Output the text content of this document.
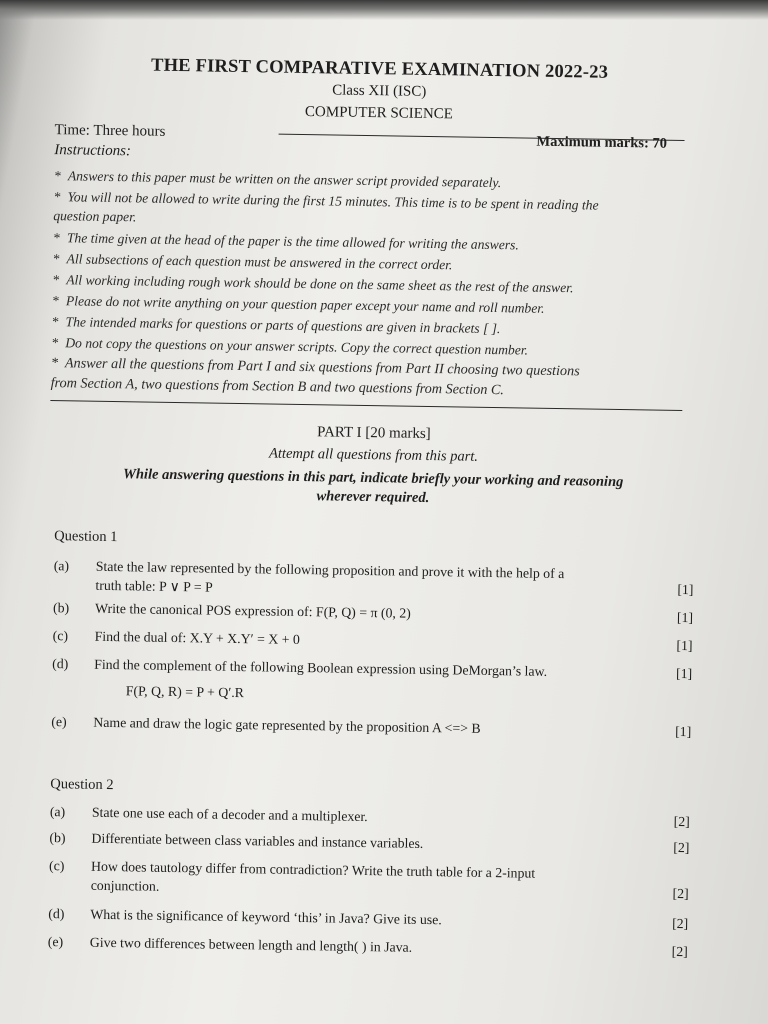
THE FIRST COMPARATIVE EXAMINATION 2022-23
Class XII (ISC)
COMPUTER SCIENCE
Time: Three hours
Maximum marks: 70
Instructions:
* Answers to this paper must be written on the answer script provided separately.
* You will not be allowed to write during the first 15 minutes. This time is to be spent in reading the
question paper.
* The time given at the head of the paper is the time allowed for writing the answers.
* All subsections of each question must be answered in the correct order.
* All working including rough work should be done on the same sheet as the rest of the answer.
* Please do not write anything on your question paper except your name and roll number.
* The intended marks for questions or parts of questions are given in brackets [ ].
* Do not copy the questions on your answer scripts. Copy the correct question number.
* Answer all the questions from Part I and six questions from Part II choosing two questions
from Section A, two questions from Section B and two questions from Section C.
PART I [20 marks]
Attempt all questions from this part.
While answering questions in this part, indicate briefly your working and reasoning
wherever required.
Question 1
(a) State the law represented by the following proposition and prove it with the help of a
truth table: P ∨ P = P	[1]
(b) Write the canonical POS expression of: F(P, Q) = π (0, 2)	[1]
(c) Find the dual of: X.Y + X.Y′ = X + 0	[1]
(d) Find the complement of the following Boolean expression using DeMorgan’s law.	[1]
F(P, Q, R) = P + Q′.R
(e) Name and draw the logic gate represented by the proposition A <=> B	[1]
Question 2
(a) State one use each of a decoder and a multiplexer.	[2]
(b) Differentiate between class variables and instance variables.	[2]
(c) How does tautology differ from contradiction? Write the truth table for a 2-input
conjunction.	[2]
(d) What is the significance of keyword ‘this’ in Java? Give its use.	[2]
(e) Give two differences between length and length( ) in Java.	[2]
